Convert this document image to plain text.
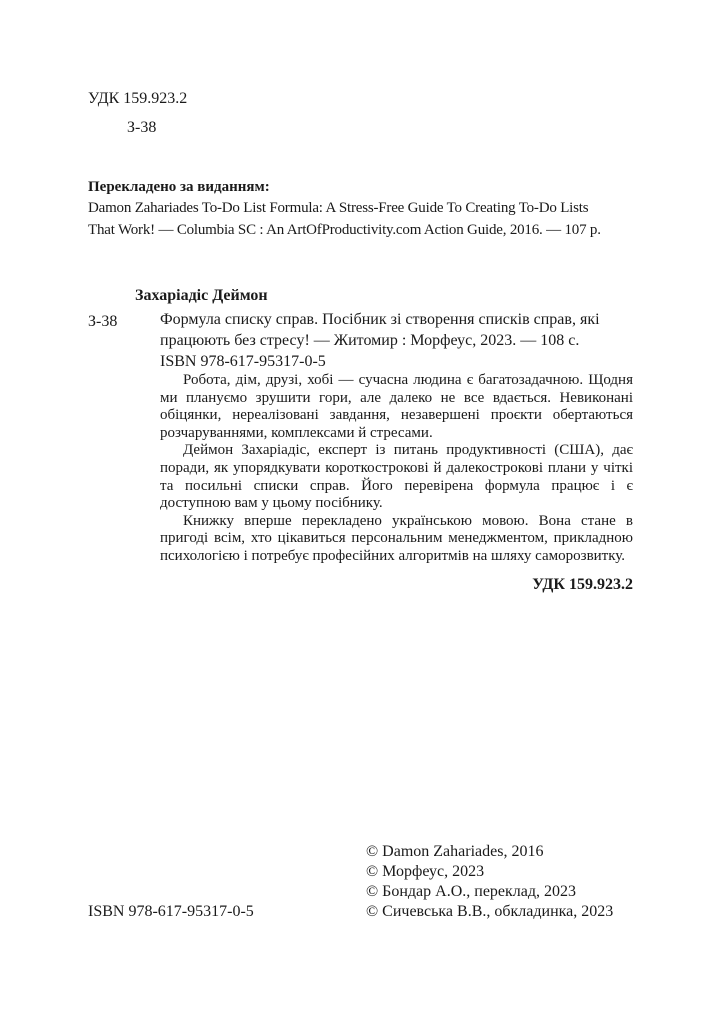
УДК 159.923.2
З-38
Перекладено за виданням:
Damon Zahariades To-Do List Formula: A Stress-Free Guide To Creating To-Do Lists
That Work! — Columbia SC : An ArtOfProductivity.com Action Guide, 2016. — 107 p.
Захаріадіс Деймон
З-38	Формула списку справ. Посібник зі створення списків справ, які
працюють без стресу! — Житомир : Морфеус, 2023. — 108 с.
ISBN 978-617-95317-0-5

Робота, дім, друзі, хобі — сучасна людина є багатозадачною. Щодня ми плануємо зрушити гори, але далеко не все вдається. Невиконані обіцянки, нереалізовані завдання, незавершені проєкти обертаються розчаруваннями, комплексами й стресами.

Деймон Захаріадіс, експерт із питань продуктивності (США), дає поради, як упорядкувати короткострокові й далекострокові плани у чіткі та посильні списки справ. Його перевірена формула працює і є доступною вам у цьому посібнику.

Книжку вперше перекладено українською мовою. Вона стане в пригоді всім, хто цікавиться персональним менеджментом, прикладною психологією і потребує професійних алгоритмів на шляху саморозвитку.

УДК 159.923.2
© Damon Zahariades, 2016
© Морфеус, 2023
© Бондар А.О., переклад, 2023
© Сичевська В.В., обкладинка, 2023
ISBN 978-617-95317-0-5
